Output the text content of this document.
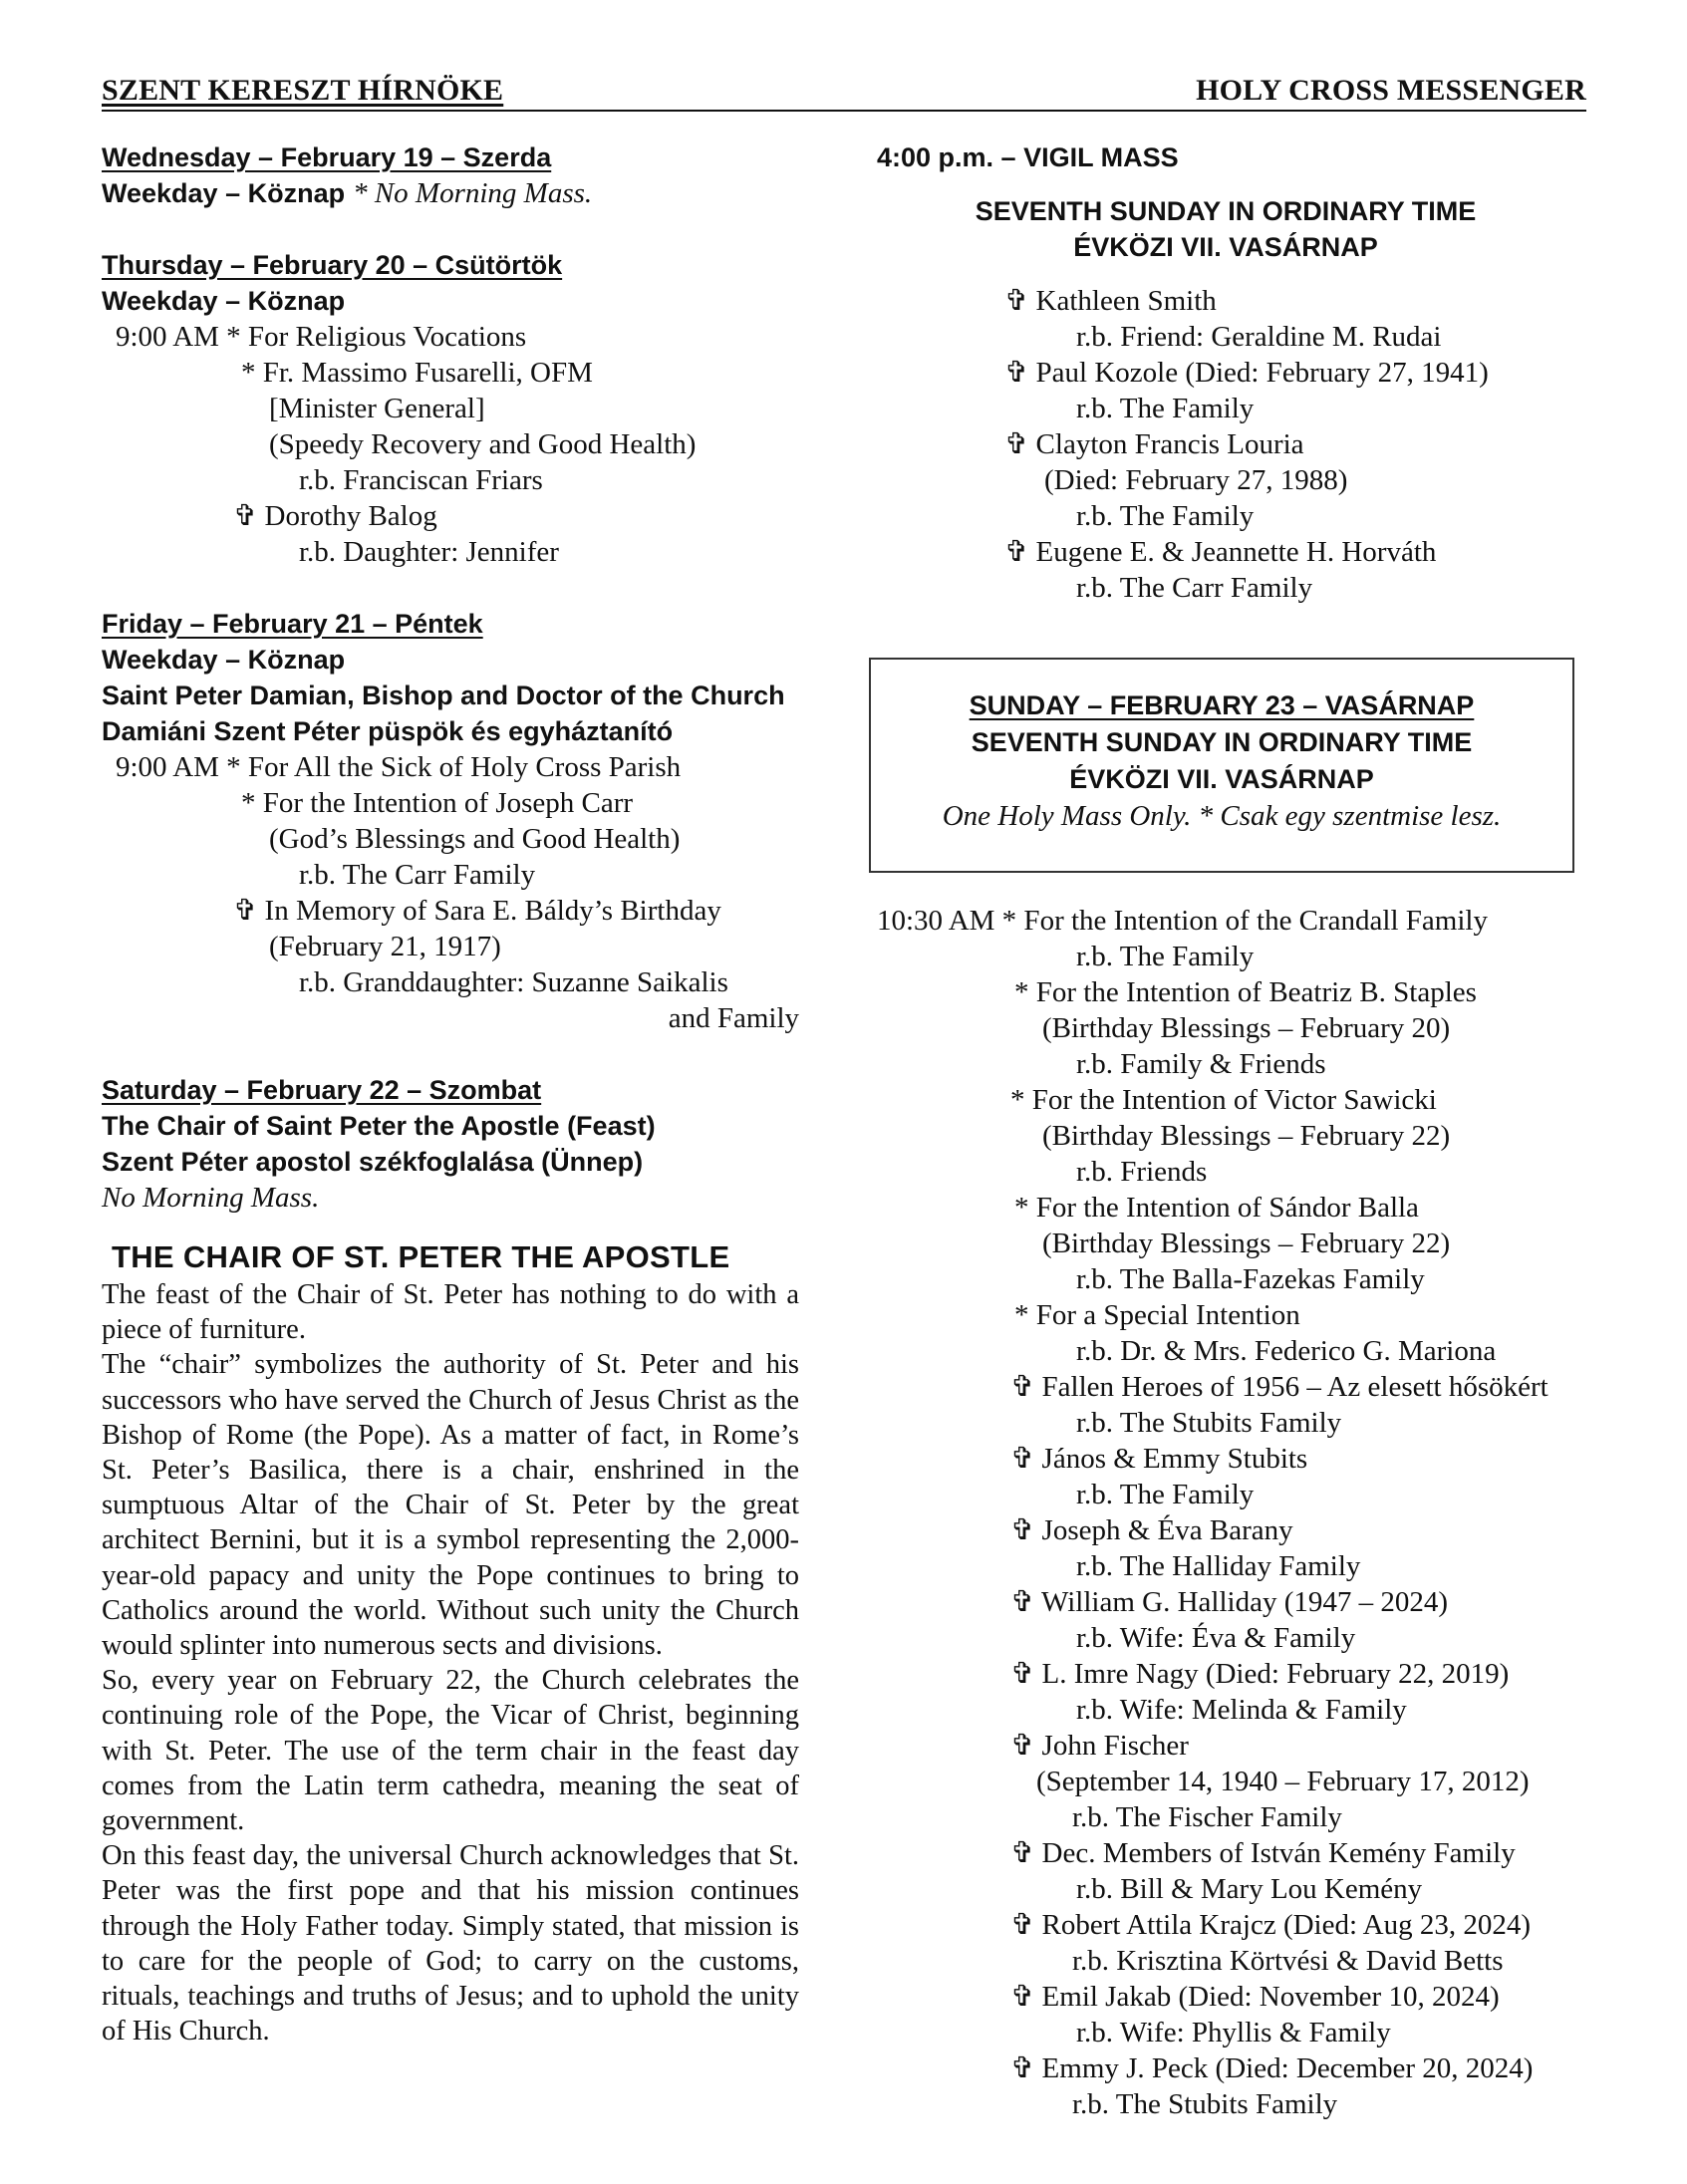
SZENT KERESZT HÍRNÖKE	HOLY CROSS MESSENGER
Wednesday – February 19 – Szerda
Weekday – Köznap * No Morning Mass.
Thursday – February 20 – Csütörtök
Weekday – Köznap
9:00 AM * For Religious Vocations
* Fr. Massimo Fusarelli, OFM
[Minister General]
(Speedy Recovery and Good Health)
r.b. Franciscan Friars
✞ Dorothy Balog
r.b. Daughter: Jennifer
Friday – February 21 – Péntek
Weekday – Köznap
Saint Peter Damian, Bishop and Doctor of the Church
Damiáni Szent Péter püspök és egyháztanító
9:00 AM * For All the Sick of Holy Cross Parish
* For the Intention of Joseph Carr
(God’s Blessings and Good Health)
r.b. The Carr Family
✞ In Memory of Sara E. Báldy’s Birthday
(February 21, 1917)
r.b. Granddaughter: Suzanne Saikalis
and Family
Saturday – February 22 – Szombat
The Chair of Saint Peter the Apostle (Feast)
Szent Péter apostol székfoglalása (Ünnep)
No Morning Mass.
THE CHAIR OF ST. PETER THE APOSTLE
The feast of the Chair of St. Peter has nothing to do with a piece of furniture.
The “chair” symbolizes the authority of St. Peter and his successors who have served the Church of Jesus Christ as the Bishop of Rome (the Pope). As a matter of fact, in Rome’s St. Peter’s Basilica, there is a chair, enshrined in the sumptuous Altar of the Chair of St. Peter by the great architect Bernini, but it is a symbol representing the 2,000-year-old papacy and unity the Pope continues to bring to Catholics around the world. Without such unity the Church would splinter into numerous sects and divisions.
So, every year on February 22, the Church celebrates the continuing role of the Pope, the Vicar of Christ, beginning with St. Peter. The use of the term chair in the feast day comes from the Latin term cathedra, meaning the seat of government.
On this feast day, the universal Church acknowledges that St. Peter was the first pope and that his mission continues through the Holy Father today. Simply stated, that mission is to care for the people of God; to carry on the customs, rituals, teachings and truths of Jesus; and to uphold the unity of His Church.
4:00 p.m. – VIGIL MASS
SEVENTH SUNDAY IN ORDINARY TIME
ÉVKÖZI VII. VASÁRNAP
✞ Kathleen Smith
r.b. Friend: Geraldine M. Rudai
✞ Paul Kozole (Died: February 27, 1941)
r.b. The Family
✞ Clayton Francis Louria
(Died: February 27, 1988)
r.b. The Family
✞ Eugene E. & Jeannette H. Horváth
r.b. The Carr Family
SUNDAY – FEBRUARY 23 – VASÁRNAP
SEVENTH SUNDAY IN ORDINARY TIME
ÉVKÖZI VII. VASÁRNAP
One Holy Mass Only. * Csak egy szentmise lesz.
10:30 AM * For the Intention of the Crandall Family
r.b. The Family
* For the Intention of Beatriz B. Staples
(Birthday Blessings – February 20)
r.b. Family & Friends
* For the Intention of Victor Sawicki
(Birthday Blessings – February 22)
r.b. Friends
* For the Intention of Sándor Balla
(Birthday Blessings – February 22)
r.b. The Balla-Fazekas Family
* For a Special Intention
r.b. Dr. & Mrs. Federico G. Mariona
✞ Fallen Heroes of 1956 – Az elesett hősökért
r.b. The Stubits Family
✞ János & Emmy Stubits
r.b. The Family
✞ Joseph & Éva Barany
r.b. The Halliday Family
✞ William G. Halliday (1947 – 2024)
r.b. Wife: Éva & Family
✞ L. Imre Nagy (Died: February 22, 2019)
r.b. Wife: Melinda & Family
✞ John Fischer
(September 14, 1940 – February 17, 2012)
r.b. The Fischer Family
✞ Dec. Members of István Kemény Family
r.b. Bill & Mary Lou Kemény
✞ Robert Attila Krajcz (Died: Aug 23, 2024)
r.b. Krisztina Körtvési & David Betts
✞ Emil Jakab (Died: November 10, 2024)
r.b. Wife: Phyllis & Family
✞ Emmy J. Peck (Died: December 20, 2024)
r.b. The Stubits Family
